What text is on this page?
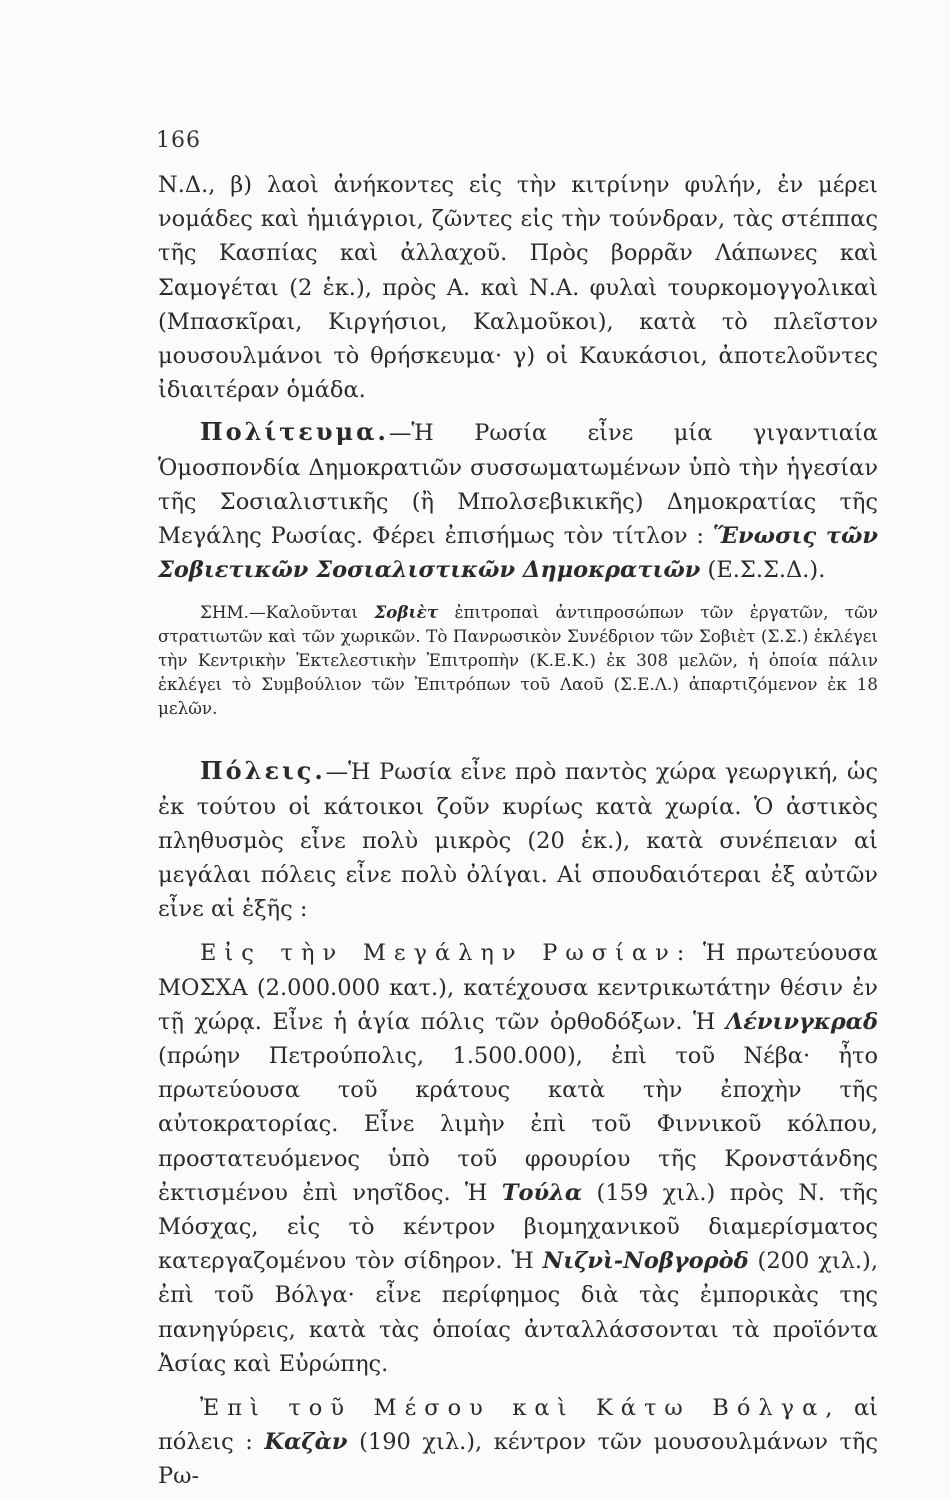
166

Ν.Δ., β) λαοὶ ἀνήκοντες εἰς τὴν κιτρίνην φυλήν, ἐν μέρει νομάδες καὶ ἡμιάγριοι, ζῶντες εἰς τὴν τούνδραν, τὰς στέππας τῆς Κασπίας καὶ ἀλλαχοῦ. Πρὸς βορρᾶν Λάπωνες καὶ Σαμογέται (2 ἑκ.), πρὸς Α. καὶ Ν.Α. φυλαὶ τουρκομογγολικαὶ (Μπασκῖραι, Κιργήσιοι, Καλμοῦκοι), κατὰ τὸ πλεῖστον μουσουλμάνοι τὸ θρήσκευμα· γ) οἱ Καυκάσιοι, ἀποτελοῦντες ἰδιαιτέραν ὁμάδα.

Πολίτευμα.—Ἡ Ρωσία εἶνε μία γιγαντιαία Ὁμοσπονδία Δημοκρατιῶν συσσωματωμένων ὑπὸ τὴν ἡγεσίαν τῆς Σοσιαλιστικῆς (ἢ Μπολσεβικικῆς) Δημοκρατίας τῆς Μεγάλης Ρωσίας. Φέρει ἐπισήμως τὸν τίτλον : Ἕνωσις τῶν Σοβιετικῶν Σοσιαλιστικῶν Δημοκρατιῶν (Ε.Σ.Σ.Δ.).

ΣΗΜ.—Καλοῦνται Σοβιὲτ ἐπιτροπαὶ ἀντιπροσώπων τῶν ἐργατῶν, τῶν στρατιωτῶν καὶ τῶν χωρικῶν. Τὸ Πανρωσικὸν Συνέδριον τῶν Σοβιὲτ (Σ.Σ.) ἐκλέγει τὴν Κεντρικὴν Ἐκτελεστικὴν Ἐπιτροπὴν (Κ.Ε.Κ.) ἐκ 308 μελῶν, ἡ ὁποία πάλιν ἐκλέγει τὸ Συμβούλιον τῶν Ἐπιτρόπων τοῦ Λαοῦ (Σ.Ε.Λ.) ἀπαρτιζόμενον ἐκ 18 μελῶν.

Πόλεις.—Ἡ Ρωσία εἶνε πρὸ παντὸς χώρα γεωργική, ὡς ἐκ τούτου οἱ κάτοικοι ζοῦν κυρίως κατὰ χωρία. Ὁ ἀστικὸς πληθυσμὸς εἶνε πολὺ μικρὸς (20 ἑκ.), κατὰ συνέπειαν αἱ μεγάλαι πόλεις εἶνε πολὺ ὀλίγαι. Αἱ σπουδαιότεραι ἐξ αὐτῶν εἶνε αἱ ἑξῆς :

Εἰς τὴν Μεγάλην Ρωσίαν: Ἡ πρωτεύουσα ΜΟΣΧΑ (2.000.000 κατ.), κατέχουσα κεντρικωτάτην θέσιν ἐν τῇ χώρᾳ. Εἶνε ἡ ἁγία πόλις τῶν ὀρθοδόξων. Ἡ Λένινγκραδ (πρώην Πετρούπολις, 1.500.000), ἐπὶ τοῦ Νέβα· ἦτο πρωτεύουσα τοῦ κράτους κατὰ τὴν ἐποχὴν τῆς αὐτοκρατορίας. Εἶνε λιμὴν ἐπὶ τοῦ Φιννικοῦ κόλπου, προστατευόμενος ὑπὸ τοῦ φρουρίου τῆς Κρονστάνδης ἐκτισμένου ἐπὶ νησῖδος. Ἡ Τούλα (159 χιλ.) πρὸς Ν. τῆς Μόσχας, εἰς τὸ κέντρον βιομηχανικοῦ διαμερίσματος κατεργαζομένου τὸν σίδηρον. Ἡ Νιζνὶ-Νοβγορὸδ (200 χιλ.), ἐπὶ τοῦ Βόλγα· εἶνε περίφημος διὰ τὰς ἐμπορικὰς της πανηγύρεις, κατὰ τὰς ὁποίας ἀνταλλάσσονται τὰ προϊόντα Ἀσίας καὶ Εὐρώπης.

Ἐπὶ τοῦ Μέσου καὶ Κάτω Βόλγα, αἱ πόλεις : Καζὰν (190 χιλ.), κέντρον τῶν μουσουλμάνων τῆς Ρω-
